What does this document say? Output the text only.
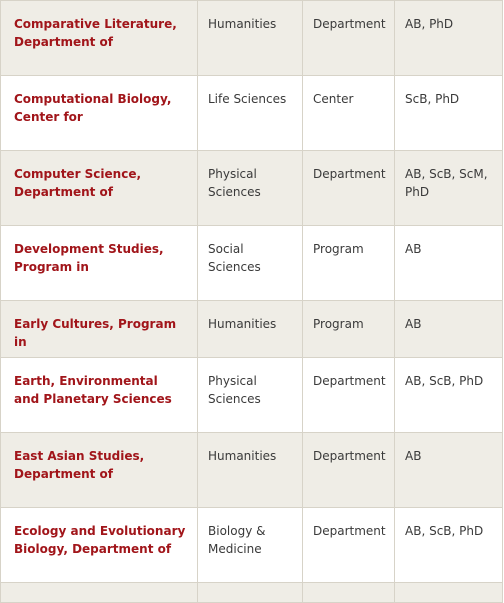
Comparative Literature, Department of	Humanities	Department	AB, PhD

Computational Biology, Center for	Life Sciences	Center	ScB, PhD

Computer Science, Department of	Physical Sciences	Department	AB, ScB, ScM, PhD

Development Studies, Program in	Social Sciences	Program	AB

Early Cultures, Program in	Humanities	Program	AB

Earth, Environmental and Planetary Sciences	Physical Sciences	Department	AB, ScB, PhD

East Asian Studies, Department of	Humanities	Department	AB

Ecology and Evolutionary Biology, Department of	Biology & Medicine	Department	AB, ScB, PhD
